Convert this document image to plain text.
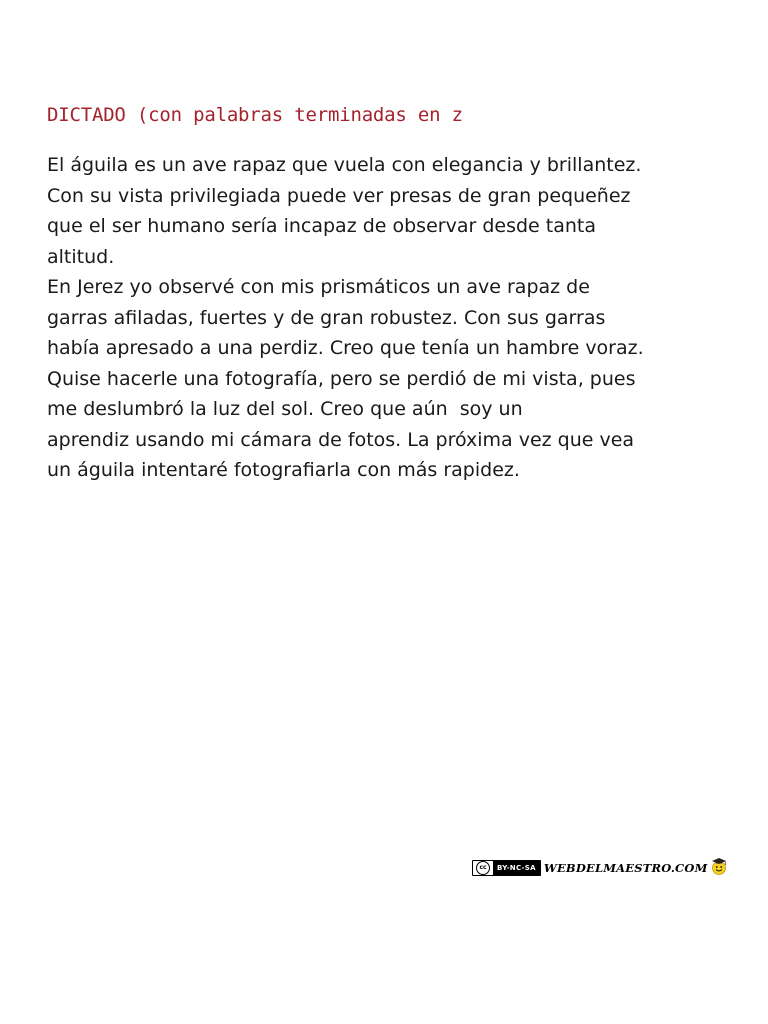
DICTADO (con palabras terminadas en z
El águila es un ave rapaz que vuela con elegancia y brillantez.
Con su vista privilegiada puede ver presas de gran pequeñez
que el ser humano sería incapaz de observar desde tanta
altitud.
En Jerez yo observé con mis prismáticos un ave rapaz de
garras afiladas, fuertes y de gran robustez. Con sus garras
había apresado a una perdiz. Creo que tenía un hambre voraz.
Quise hacerle una fotografía, pero se perdió de mi vista, pues
me deslumbró la luz del sol. Creo que aún  soy un
aprendiz usando mi cámara de fotos. La próxima vez que vea
un águila intentaré fotografiarla con más rapidez.
cc	BY-NC-SA WEBDELMAESTRO.COM
